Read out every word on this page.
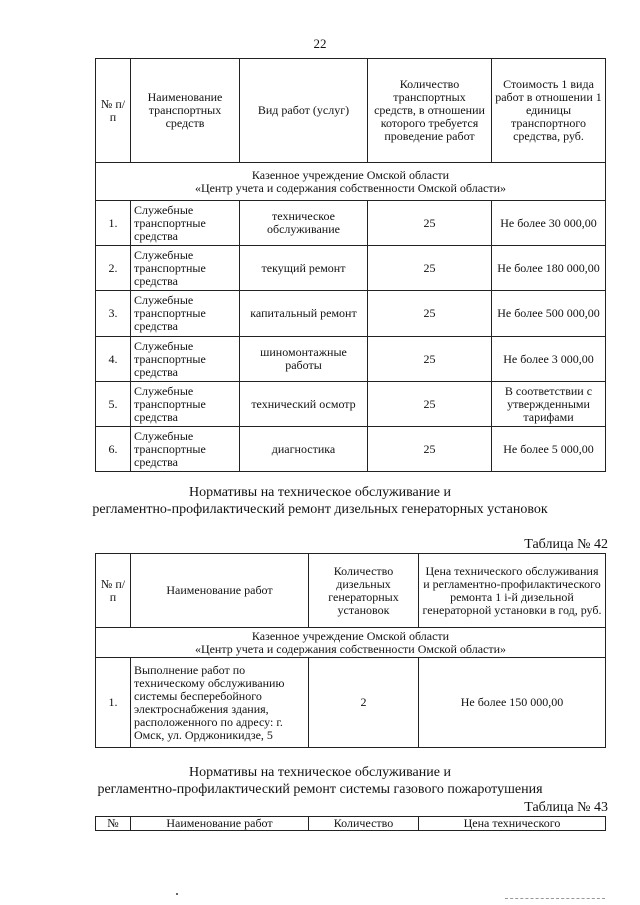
22
№ п/п	Наименование транспортных средств	Вид работ (услуг)	Количество транспортных средств, в отношении которого требуется проведение работ	Стоимость 1 вида работ в отношении 1 единицы транспортного средства, руб.

Казенное учреждение Омской области
«Центр учета и содержания собственности Омской области»				

1.	Служебные транспортные средства	техническое обслуживание	25	Не более 30 000,00
2.	Служебные транспортные средства	текущий ремонт	25	Не более 180 000,00
3.	Служебные транспортные средства	капитальный ремонт	25	Не более 500 000,00
4.	Служебные транспортные средства	шиномонтажные работы	25	Не более 3 000,00
5.	Служебные транспортные средства	технический осмотр	25	В соответствии с утвержденными тарифами
6.	Служебные транспортные средства	диагностика	25	Не более 5 000,00
Нормативы на техническое обслуживание и
регламентно-профилактический ремонт дизельных генераторных установок
Таблица № 42
№ п/п	Наименование работ	Количество дизельных генераторных установок	Цена технического обслуживания и регламентно-профилактического ремонта 1 i-й дизельной генераторной установки в год, руб.

Казенное учреждение Омской области
«Центр учета и содержания собственности Омской области»			

1.	Выполнение работ по техническому обслуживанию системы бесперебойного электроснабжения здания, расположенного по адресу: г. Омск, ул. Орджоникидзе, 5	2	Не более 150 000,00
Нормативы на техническое обслуживание и
регламентно-профилактический ремонт системы газового пожаротушения
Таблица № 43
№	Наименование работ	Количество	Цена технического
